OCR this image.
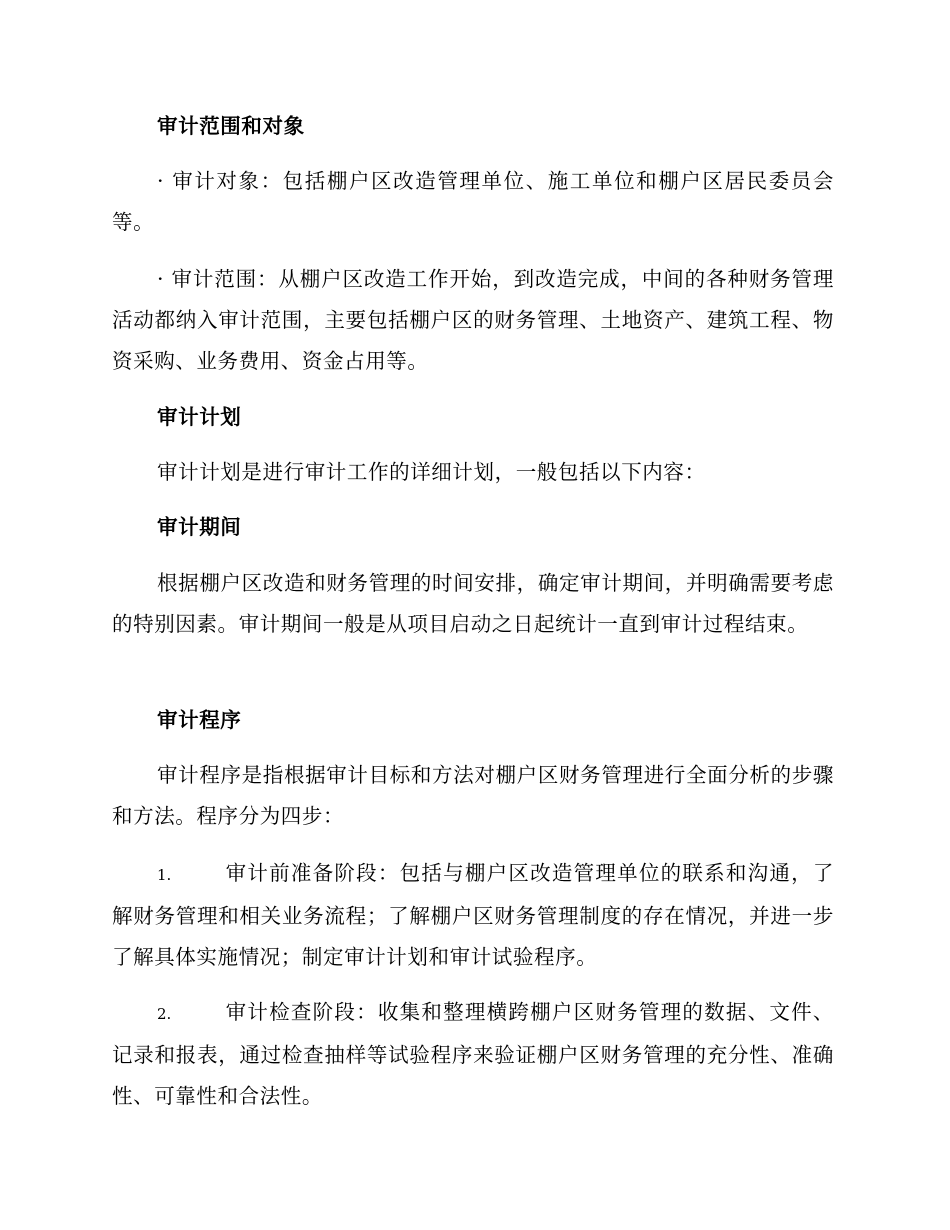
审计范围和对象

· 审计对象：包括棚户区改造管理单位、施工单位和棚户区居民委员会等。

· 审计范围：从棚户区改造工作开始，到改造完成，中间的各种财务管理活动都纳入审计范围，主要包括棚户区的财务管理、土地资产、建筑工程、物资采购、业务费用、资金占用等。

审计计划

审计计划是进行审计工作的详细计划，一般包括以下内容：

审计期间

根据棚户区改造和财务管理的时间安排，确定审计期间，并明确需要考虑的特别因素。审计期间一般是从项目启动之日起统计一直到审计过程结束。

审计程序

审计程序是指根据审计目标和方法对棚户区财务管理进行全面分析的步骤和方法。程序分为四步：

1.	审计前准备阶段：包括与棚户区改造管理单位的联系和沟通，了解财务管理和相关业务流程；了解棚户区财务管理制度的存在情况，并进一步了解具体实施情况；制定审计计划和审计试验程序。

2.	审计检查阶段：收集和整理横跨棚户区财务管理的数据、文件、记录和报表，通过检查抽样等试验程序来验证棚户区财务管理的充分性、准确性、可靠性和合法性。
